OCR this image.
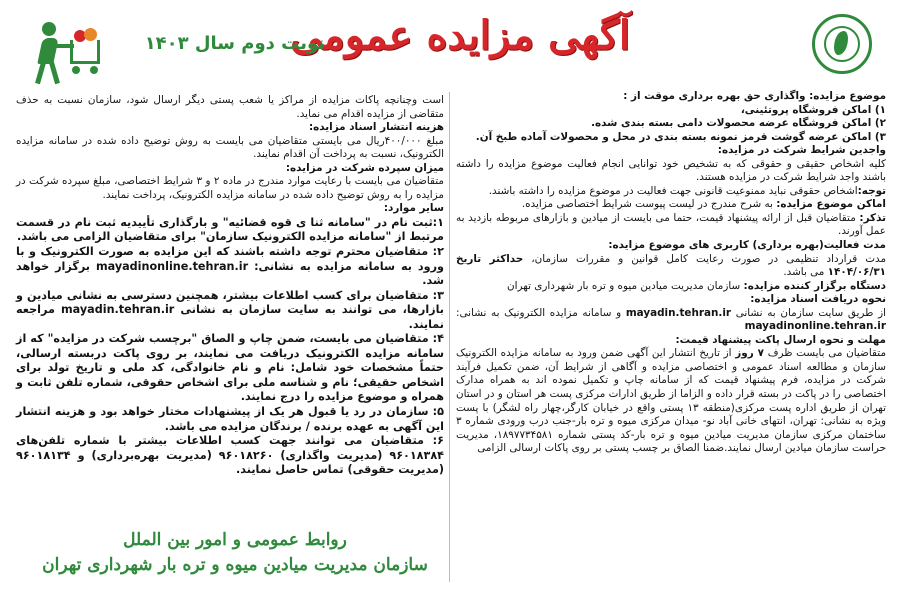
آگهی مزایده عمومی
نوبت دوم سال ۱۴۰۳

موضوع مزایده: واگذاری حق بهره برداری موقت از :

۱) اماکن فروشگاه پروتئینی،

۲) اماکن فروشگاه عرضه محصولات دامی بسته بندی شده.

۳) اماکن عرضه گوشت قرمز نمونه بسته بندی در محل و محصولات آماده طبخ آن.

واجدین شرایط شرکت در مزایده:

کلیه اشخاص حقیقی و حقوقی که به تشخیص خود توانایی انجام فعالیت موضوع مزایده را داشته باشند واجد شرایط شرکت در مزایده هستند.

توجه:اشخاص حقوقی نباید ممنوعیت قانونی جهت فعالیت در موضوع مزایده را داشته باشند.

اماکن موضوع مزایده: به شرح مندرج در لیست پیوست شرایط اختصاصی مزایده.

تذکر: متقاضیان قبل از ارائه پیشنهاد قیمت، حتما می بایست از میادین و بازارهای مربوطه بازدید به عمل آورند.

مدت فعالیت(بهره برداری) کاربری های موضوع مزایده:

مدت قرارداد تنظیمی در صورت رعایت کامل قوانین و مقررات سازمان، حداکثر تاریخ ۱۴۰۴/۰۶/۳۱ می باشد.

دستگاه برگزار کننده مزایده: سازمان مدیریت میادین میوه و تره بار شهرداری تهران

نحوه دریافت اسناد مزایده:

از طریق سایت سازمان به نشانی mayadin.tehran.ir و سامانه مزایده الکترونیک به نشانی: mayadinonline.tehran.ir

مهلت و نحوه ارسال پاکت پیشنهاد قیمت:

متقاضیان می بایست ظرف ۷ روز از تاریخ انتشار این آگهی ضمن ورود به سامانه مزایده الکترونیک سازمان و مطالعه اسناد عمومی و اختصاصی مزایده و آگاهی از شرایط آن، ضمن تکمیل فرآیند شرکت در مزایده، فرم پیشنهاد قیمت که از سامانه چاپ و تکمیل نموده اند به همراه مدارک اختصاصی را در پاکت در بسته قرار داده و الزاما از طریق ادارات مرکزی پست هر استان و در استان تهران از طریق اداره پست مرکزی(منطقه ۱۳ پستی واقع در خیابان کارگر،چهار راه لشگر) با پست ویژه به نشانی: تهران، انتهای خانی آباد نو- میدان مرکزی میوه و تره بار-جنب درب ورودی شماره ۳ ساختمان مرکزی سازمان مدیریت میادین میوه و تره بار-کد پستی شماره ۱۸۹۷۷۳۴۵۸۱، مدیریت حراست سازمان میادین ارسال نمایند.ضمنا الصاق بر چسب پستی بر روی پاکات ارسالی الزامی

است وچنانچه پاکات مزایده از مراکز یا شعب پستی دیگر ارسال شود، سازمان نسبت به حذف متقاضی از مزایده اقدام می نماید.

هزینه انتشار اسناد مزایده:

مبلغ ۴۰۰/۰۰۰ریال می بایستی متقاضیان می بایست به روش توضیح داده شده در سامانه مزایده الکترونیک، نسبت به پرداخت آن اقدام نمایند.

میزان سپرده شرکت در مزایده:

متقاضیان می بایست با رعایت موارد مندرج در ماده ۲ و ۳ شرایط اختصاصی، مبلغ سپرده شرکت در مزایده را به روش توضیح داده شده در سامانه مزایده الکترونیک، پرداخت نمایند.

سایر موارد:

۱:ثبت نام در "سامانه ثنا ی قوه قضائیه" و بارگذاری تأییدیه ثبت نام در قسمت مرتبط از "سامانه مزایده الکترونیک سازمان" برای متقاضیان الزامی می باشد.

۲: متقاضیان محترم توجه داشته باشند که این مزایده به صورت الکترونیک و با ورود به سامانه مزایده به نشانی: mayadinonline.tehran.ir برگزار خواهد شد.

۳: متقاضیان برای کسب اطلاعات بیشتر، همچنین دسترسی به نشانی میادین و بازارها، می توانند به سایت سازمان به نشانی mayadin.tehran.ir مراجعه نمایند.

۴: متقاضیان می بایست، ضمن چاپ و الصاق "برچسب شرکت در مزایده" که از سامانه مزایده الکترونیک دریافت می نمایند، بر روی پاکت دربسته ارسالی، حتماً مشخصات خود شامل: نام و نام خانوادگی، کد ملی و تاریخ تولد برای اشخاص حقیقی؛ نام و شناسه ملی برای اشخاص حقوقی، شماره تلفن ثابت و همراه و موضوع مزایده را درج نمایند.

۵: سازمان در رد یا قبول هر یک از پیشنهادات مختار خواهد بود و هزینه انتشار این آگهی به عهده برنده / برندگان مزایده می باشد.

۶: متقاضیان می توانند جهت کسب اطلاعات بیشتر با شماره تلفن‌های ۹۶۰۱۸۳۸۴ (مدیریت واگذاری) ۹۶۰۱۸۲۶۰ (مدیریت بهره‌برداری) و ۹۶۰۱۸۱۳۴ (مدیریت حقوقی) تماس حاصل نمایند.

روابط عمومی و امور بین الملل
سازمان مدیریت میادین میوه و تره بار شهرداری تهران
